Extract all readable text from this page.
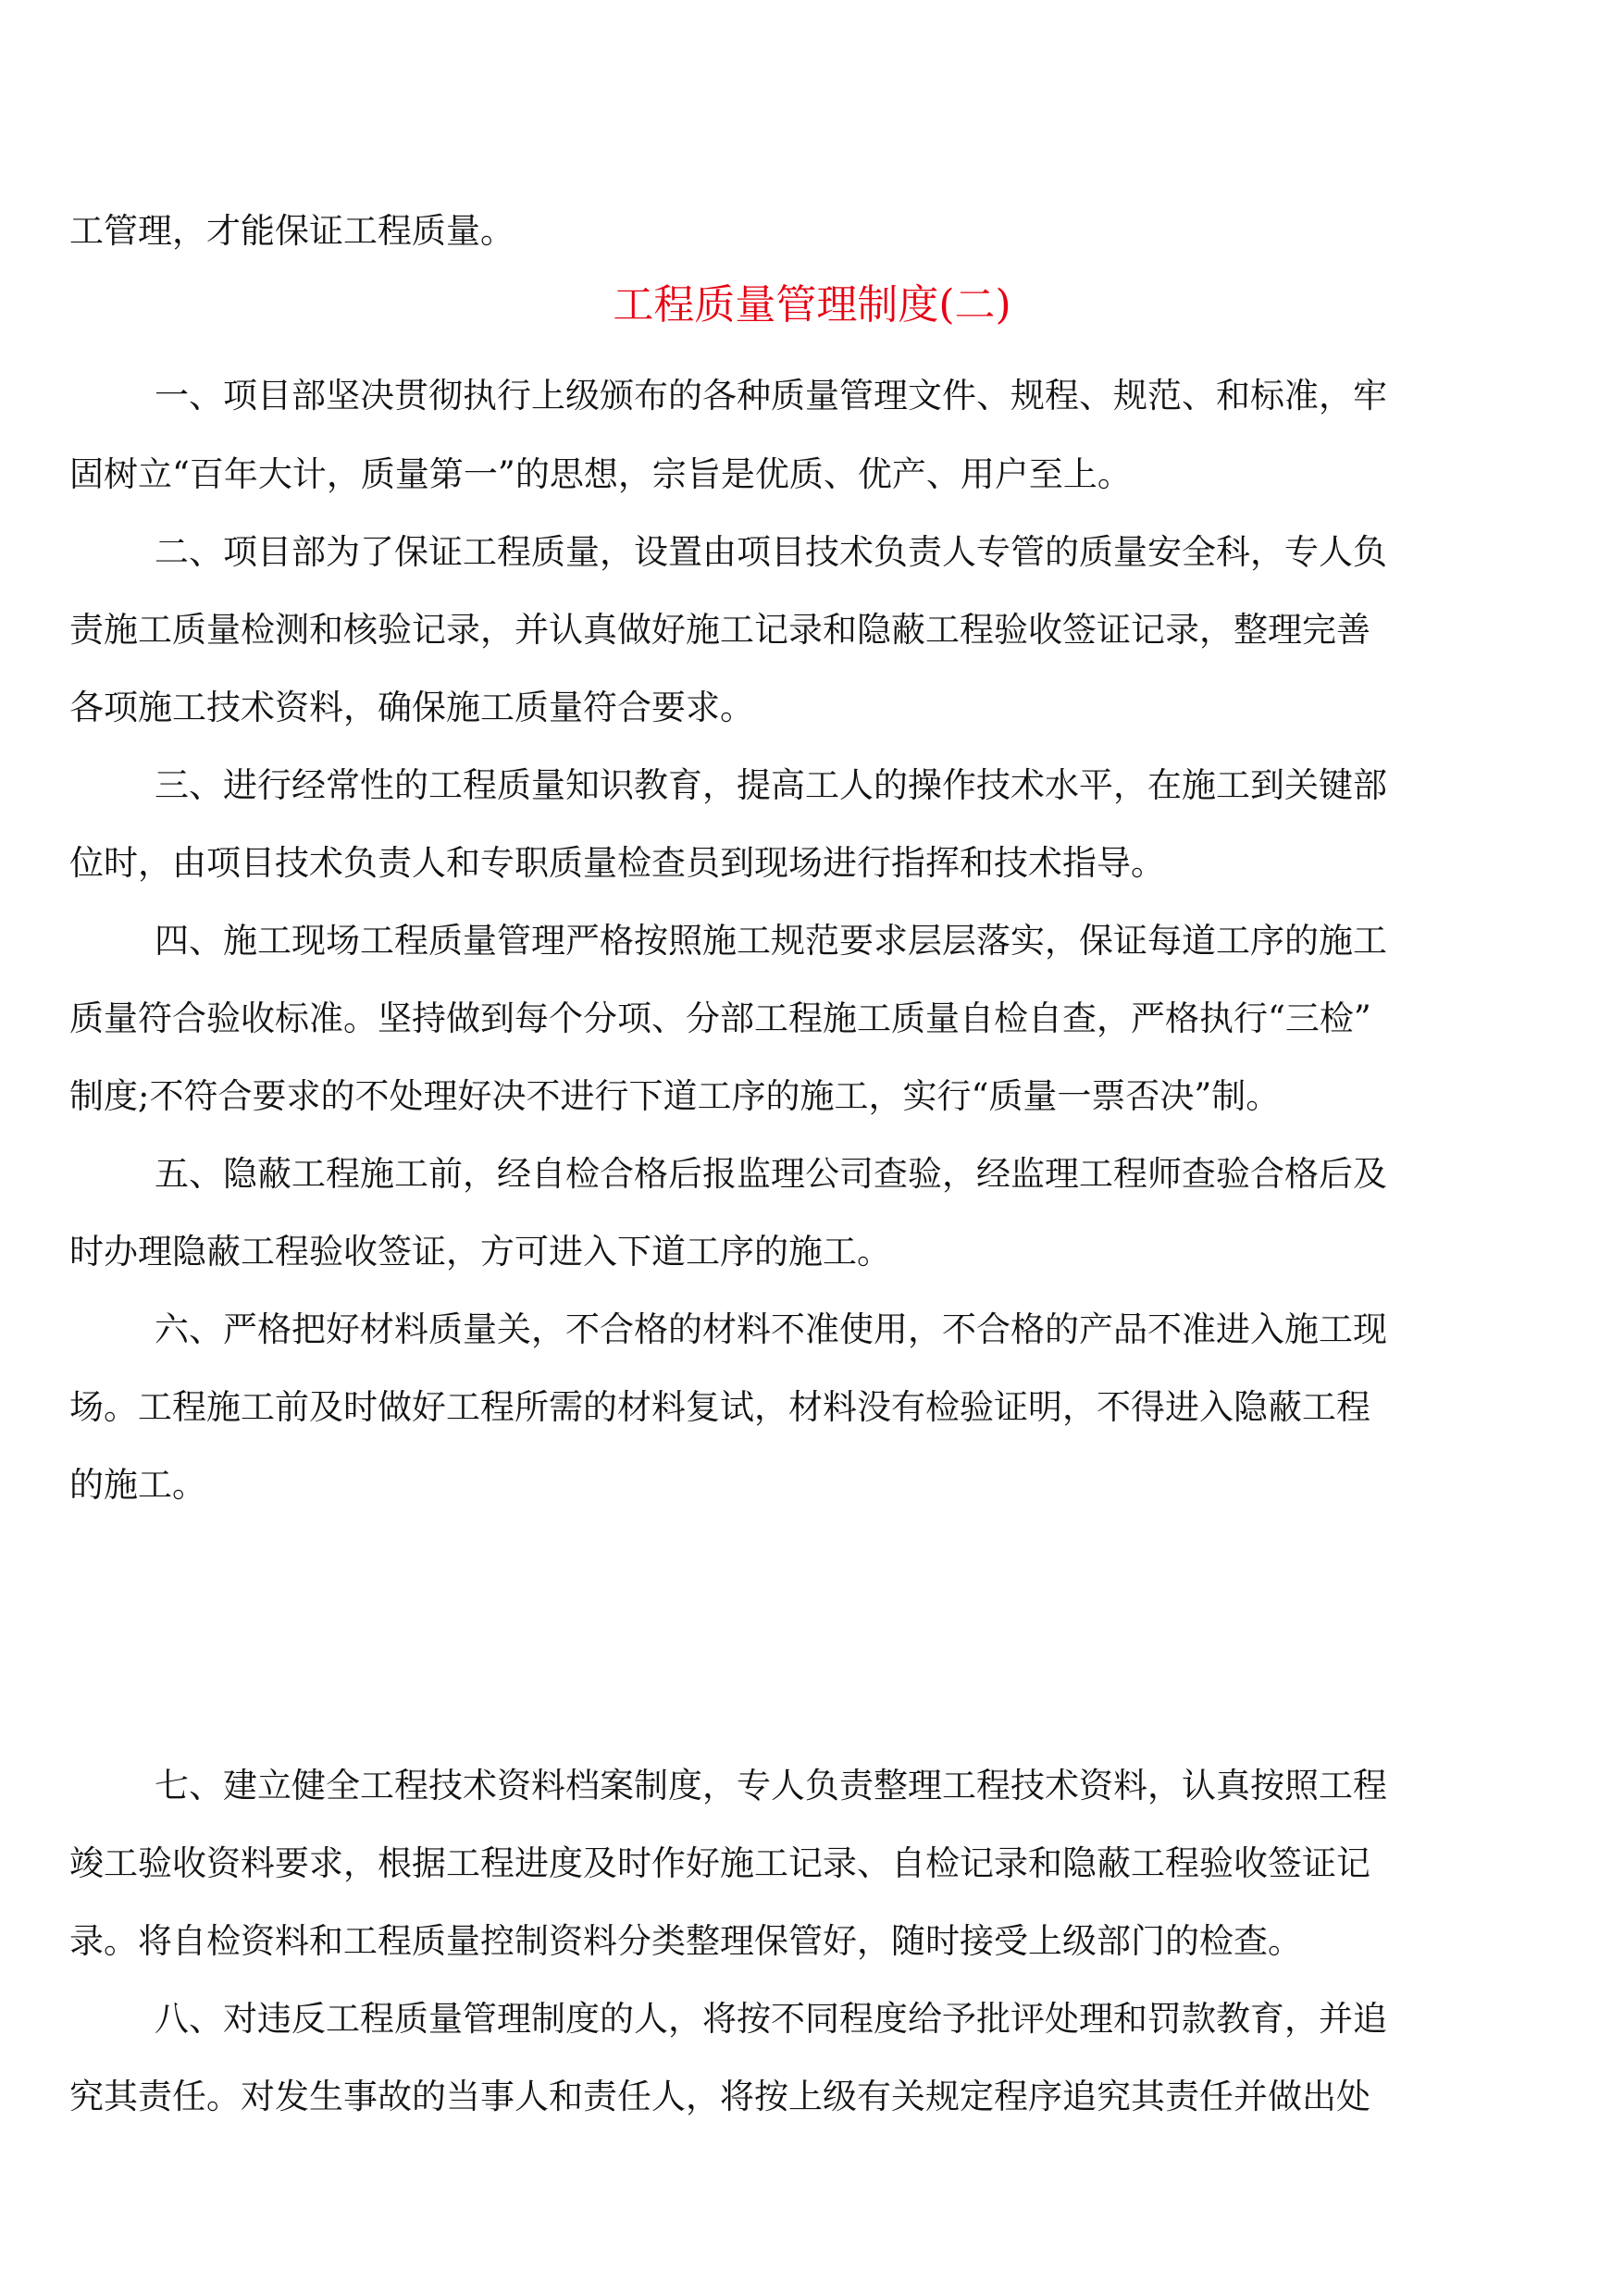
工管理，才能保证工程质量。
工程质量管理制度(二)
一、项目部坚决贯彻执行上级颁布的各种质量管理文件、规程、规范、和标准，牢
固树立“百年大计，质量第一”的思想，宗旨是优质、优产、用户至上。
二、项目部为了保证工程质量，设置由项目技术负责人专管的质量安全科，专人负
责施工质量检测和核验记录，并认真做好施工记录和隐蔽工程验收签证记录，整理完善
各项施工技术资料，确保施工质量符合要求。
三、进行经常性的工程质量知识教育，提高工人的操作技术水平，在施工到关键部
位时，由项目技术负责人和专职质量检查员到现场进行指挥和技术指导。
四、施工现场工程质量管理严格按照施工规范要求层层落实，保证每道工序的施工
质量符合验收标准。坚持做到每个分项、分部工程施工质量自检自查，严格执行“三检”
制度;不符合要求的不处理好决不进行下道工序的施工，实行“质量一票否决”制。
五、隐蔽工程施工前，经自检合格后报监理公司查验，经监理工程师查验合格后及
时办理隐蔽工程验收签证，方可进入下道工序的施工。
六、严格把好材料质量关，不合格的材料不准使用，不合格的产品不准进入施工现
场。工程施工前及时做好工程所需的材料复试，材料没有检验证明，不得进入隐蔽工程
的施工。
七、建立健全工程技术资料档案制度，专人负责整理工程技术资料，认真按照工程
竣工验收资料要求，根据工程进度及时作好施工记录、自检记录和隐蔽工程验收签证记
录。将自检资料和工程质量控制资料分类整理保管好，随时接受上级部门的检查。
八、对违反工程质量管理制度的人，将按不同程度给予批评处理和罚款教育，并追
究其责任。对发生事故的当事人和责任人，将按上级有关规定程序追究其责任并做出处
